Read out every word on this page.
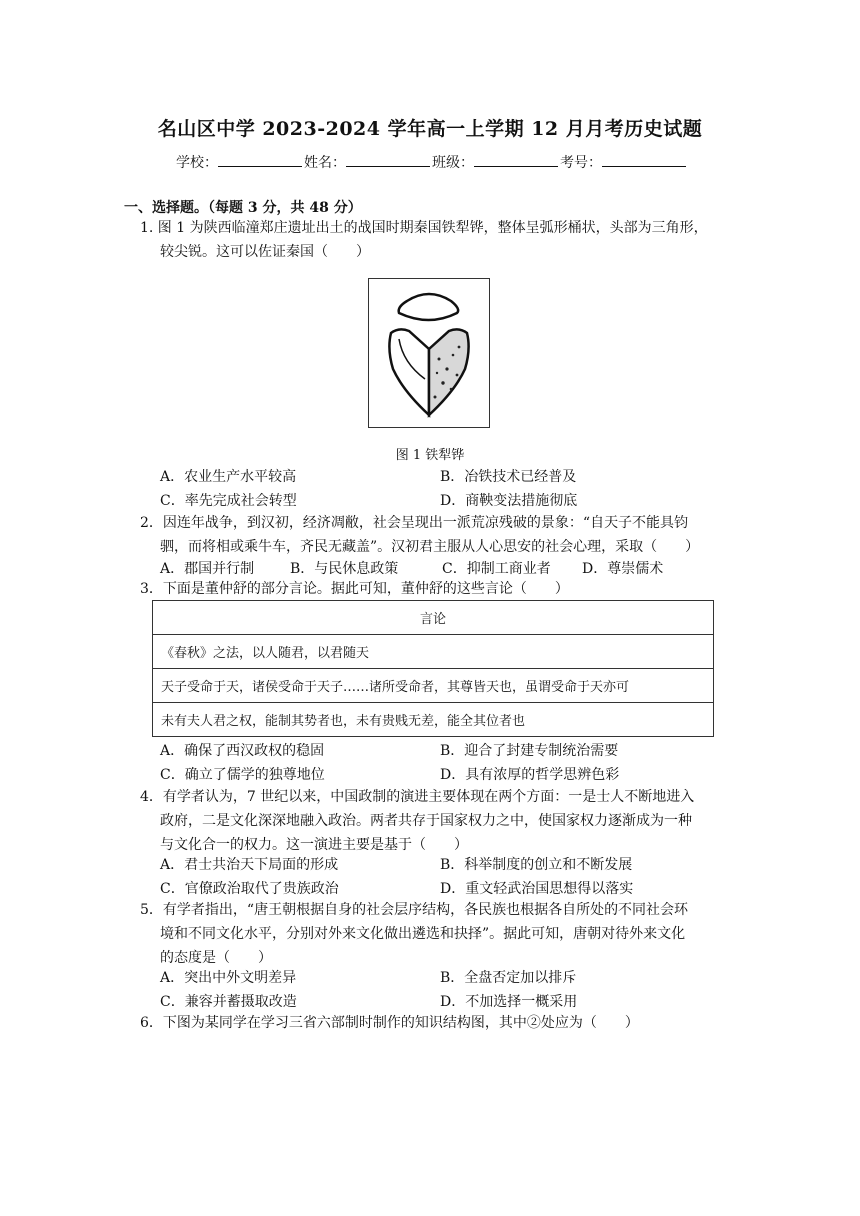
名山区中学 2023-2024 学年高一上学期 12 月月考历史试题
学校：	姓名：	班级：	考号：
一、选择题。（每题 3 分，共 48 分）
1. 图 1 为陕西临潼郑庄遗址出土的战国时期秦国铁犁铧，整体呈弧形桶状，头部为三角形，
较尖锐。这可以佐证秦国（　　）
图 1 铁犁铧
A．农业生产水平较高	B．冶铁技术已经普及
C．率先完成社会转型	D．商鞅变法措施彻底
2．因连年战争，到汉初，经济凋敝，社会呈现出一派荒凉残破的景象：“自天子不能具钧
驷，而将相或乘牛车，齐民无藏盖”。汉初君主服从人心思安的社会心理，采取（　　）
A．郡国并行制	B．与民休息政策	C．抑制工商业者 D．尊崇儒术
3．下面是董仲舒的部分言论。据此可知，董仲舒的这些言论（　　）
言论
《春秋》之法，以人随君，以君随天
天子受命于天，诸侯受命于天子……诸所受命者，其尊皆天也，虽谓受命于天亦可
未有夫人君之权，能制其势者也，未有贵贱无差，能全其位者也
A．确保了西汉政权的稳固	B．迎合了封建专制统治需要
C．确立了儒学的独尊地位	D．具有浓厚的哲学思辨色彩
4．有学者认为，7 世纪以来，中国政制的演进主要体现在两个方面：一是士人不断地进入
政府，二是文化深深地融入政治。两者共存于国家权力之中，使国家权力逐渐成为一种
与文化合一的权力。这一演进主要是基于（　　）
A．君士共治天下局面的形成	B．科举制度的创立和不断发展
C．官僚政治取代了贵族政治	D．重文轻武治国思想得以落实
5．有学者指出，“唐王朝根据自身的社会层序结构，各民族也根据各自所处的不同社会环
境和不同文化水平，分别对外来文化做出遴选和抉择”。据此可知，唐朝对待外来文化
的态度是（　　）
A．突出中外文明差异	B．全盘否定加以排斥
C．兼容并蓄摄取改造	D．不加选择一概采用
6．下图为某同学在学习三省六部制时制作的知识结构图，其中②处应为（　　）
